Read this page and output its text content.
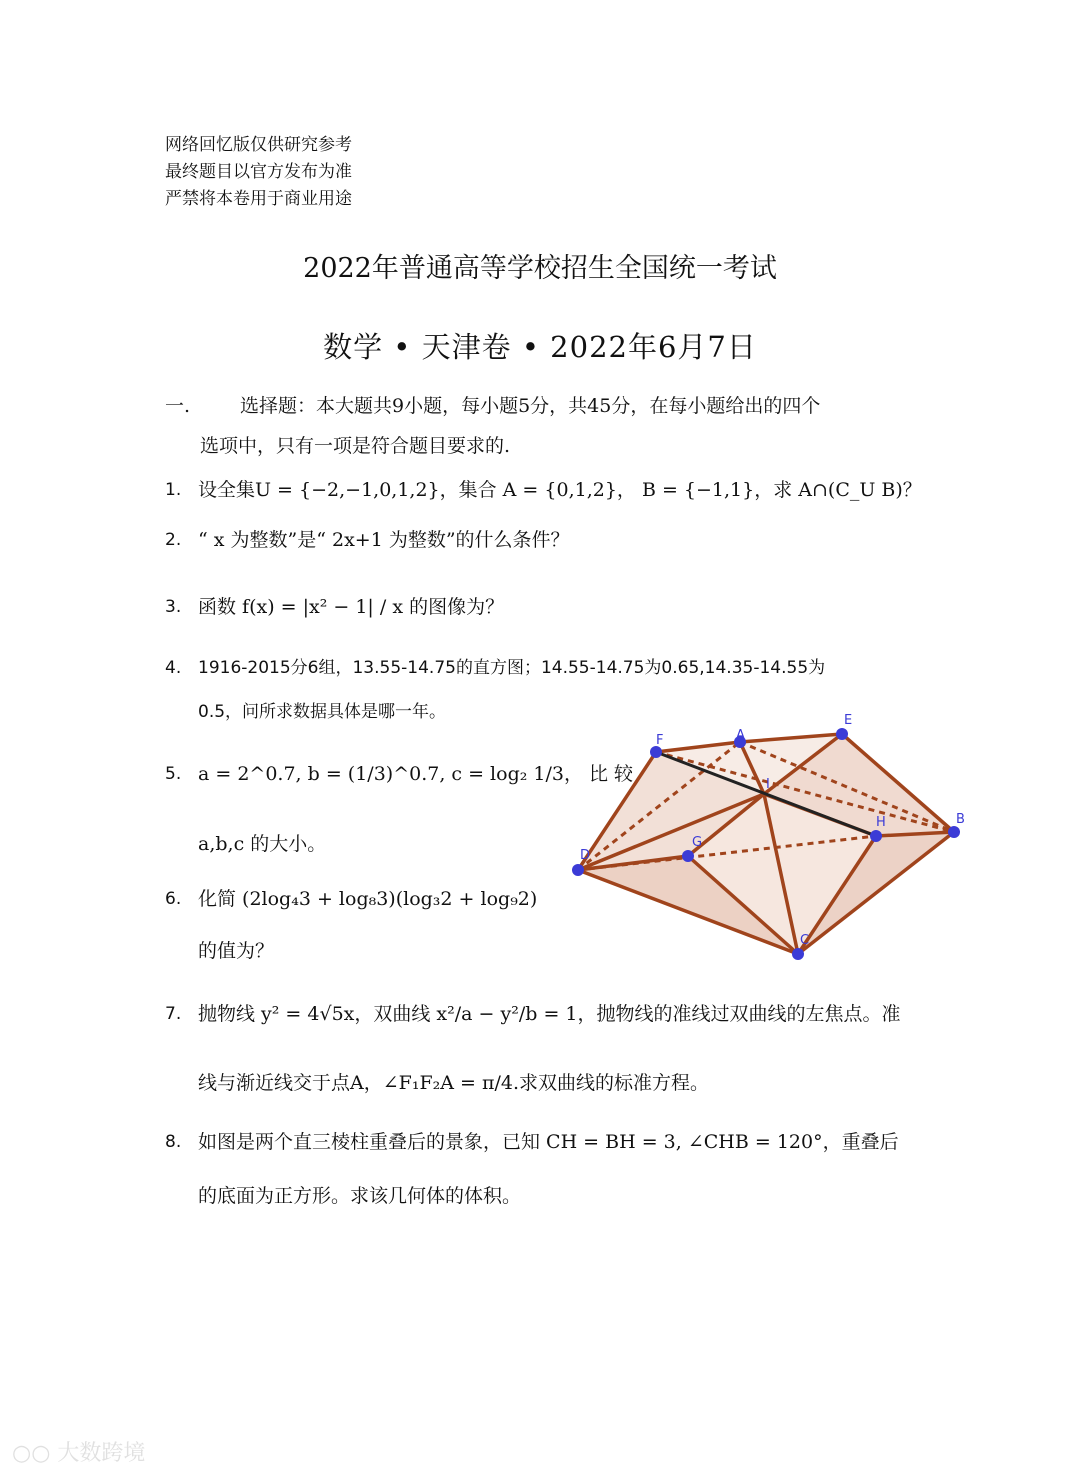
网络回忆版仅供研究参考
最终题目以官方发布为准
严禁将本卷用于商业用途
2022年普通高等学校招生全国统一考试
数学 • 天津卷 • 2022年6月7日
一.	选择题：本大题共9小题，每小题5分，共45分，在每小题给出的四个
选项中，只有一项是符合题目要求的.
1. 设全集U = {−2,−1,0,1,2}，集合 A = {0,1,2}， B = {−1,1}，求 A∩(C_U B)？
2. “ x 为整数”是“ 2x+1 为整数”的什么条件？
3. 函数 f(x) = |x² − 1| / x 的图像为？
4. 1916-2015分6组，13.55-14.75的直方图；14.55-14.75为0.65,14.35-14.55为
0.5，问所求数据具体是哪一年。
5. a = 2^0.7, b = (1/3)^0.7, c = log₂ 1/3， 比 较
a,b,c 的大小。
6. 化简 (2log₄3 + log₈3)(log₃2 + log₉2)
的值为？
7. 抛物线 y² = 4√5x，双曲线 x²/a − y²/b = 1，抛物线的准线过双曲线的左焦点。准
线与渐近线交于点A，∠F₁F₂A = π/4.求双曲线的标准方程。
8. 如图是两个直三棱柱重叠后的景象，已知 CH = BH = 3, ∠CHB = 120°，重叠后
的底面为正方形。求该几何体的体积。
F	A
E
I
G
H	B
D
C
○○ 大数跨境
